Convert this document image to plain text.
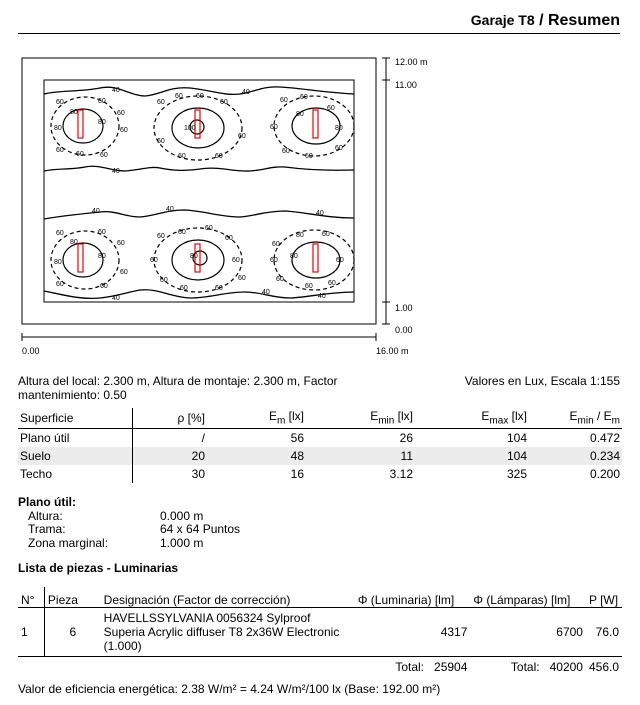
Garaje T8 / Resumen
60
80
60
60
80
80
60
60
60 60
40
40
60
60 60
60
40
100
60
60	60
60
60 60
60
80
60	80
60
60
60
40	40
40
60
80
60
60
80
80
60
60	60
40
60
60
60
60
80
60	60
60
60	60
60
40
60
80	60
60
80
60
60
60 60
40
12.00 m
11.00
1.00
0.00
0.00	16.00 m
Altura del local: 2.300 m, Altura de montaje: 2.300 m, Factor
mantenimiento: 0.50
Valores en Lux, Escala 1:155
Superficie	ρ [%]	$E_m$ [lx]	$E_{min}$ [lx]	$E_{max}$ [lx]	$E_{min} / E_m$
Plano útil	/	56	26	104	0.472
Suelo	20	48	11	104	0.234
Techo	30	16	3.12	325	0.200
Plano útil:
Altura:	0.000 m
Trama:	64 x 64 Puntos
Zona marginal:	1.000 m
Lista de piezas - Luminarias
N°	Pieza	Designación (Factor de corrección)	Φ (Luminaria) [lm]	Φ (Lámparas) [lm]	P [W]
1	6	HAVELLSSYLVANIA 0056324 Sylproof
Superia Acrylic diffuser T8 2x36W Electronic
(1.000)	4317	6700	76.0
			Total: 25904	Total: 40200	456.0
Valor de eficiencia energética: 2.38 W/m² = 4.24 W/m²/100 lx (Base: 192.00 m²)
